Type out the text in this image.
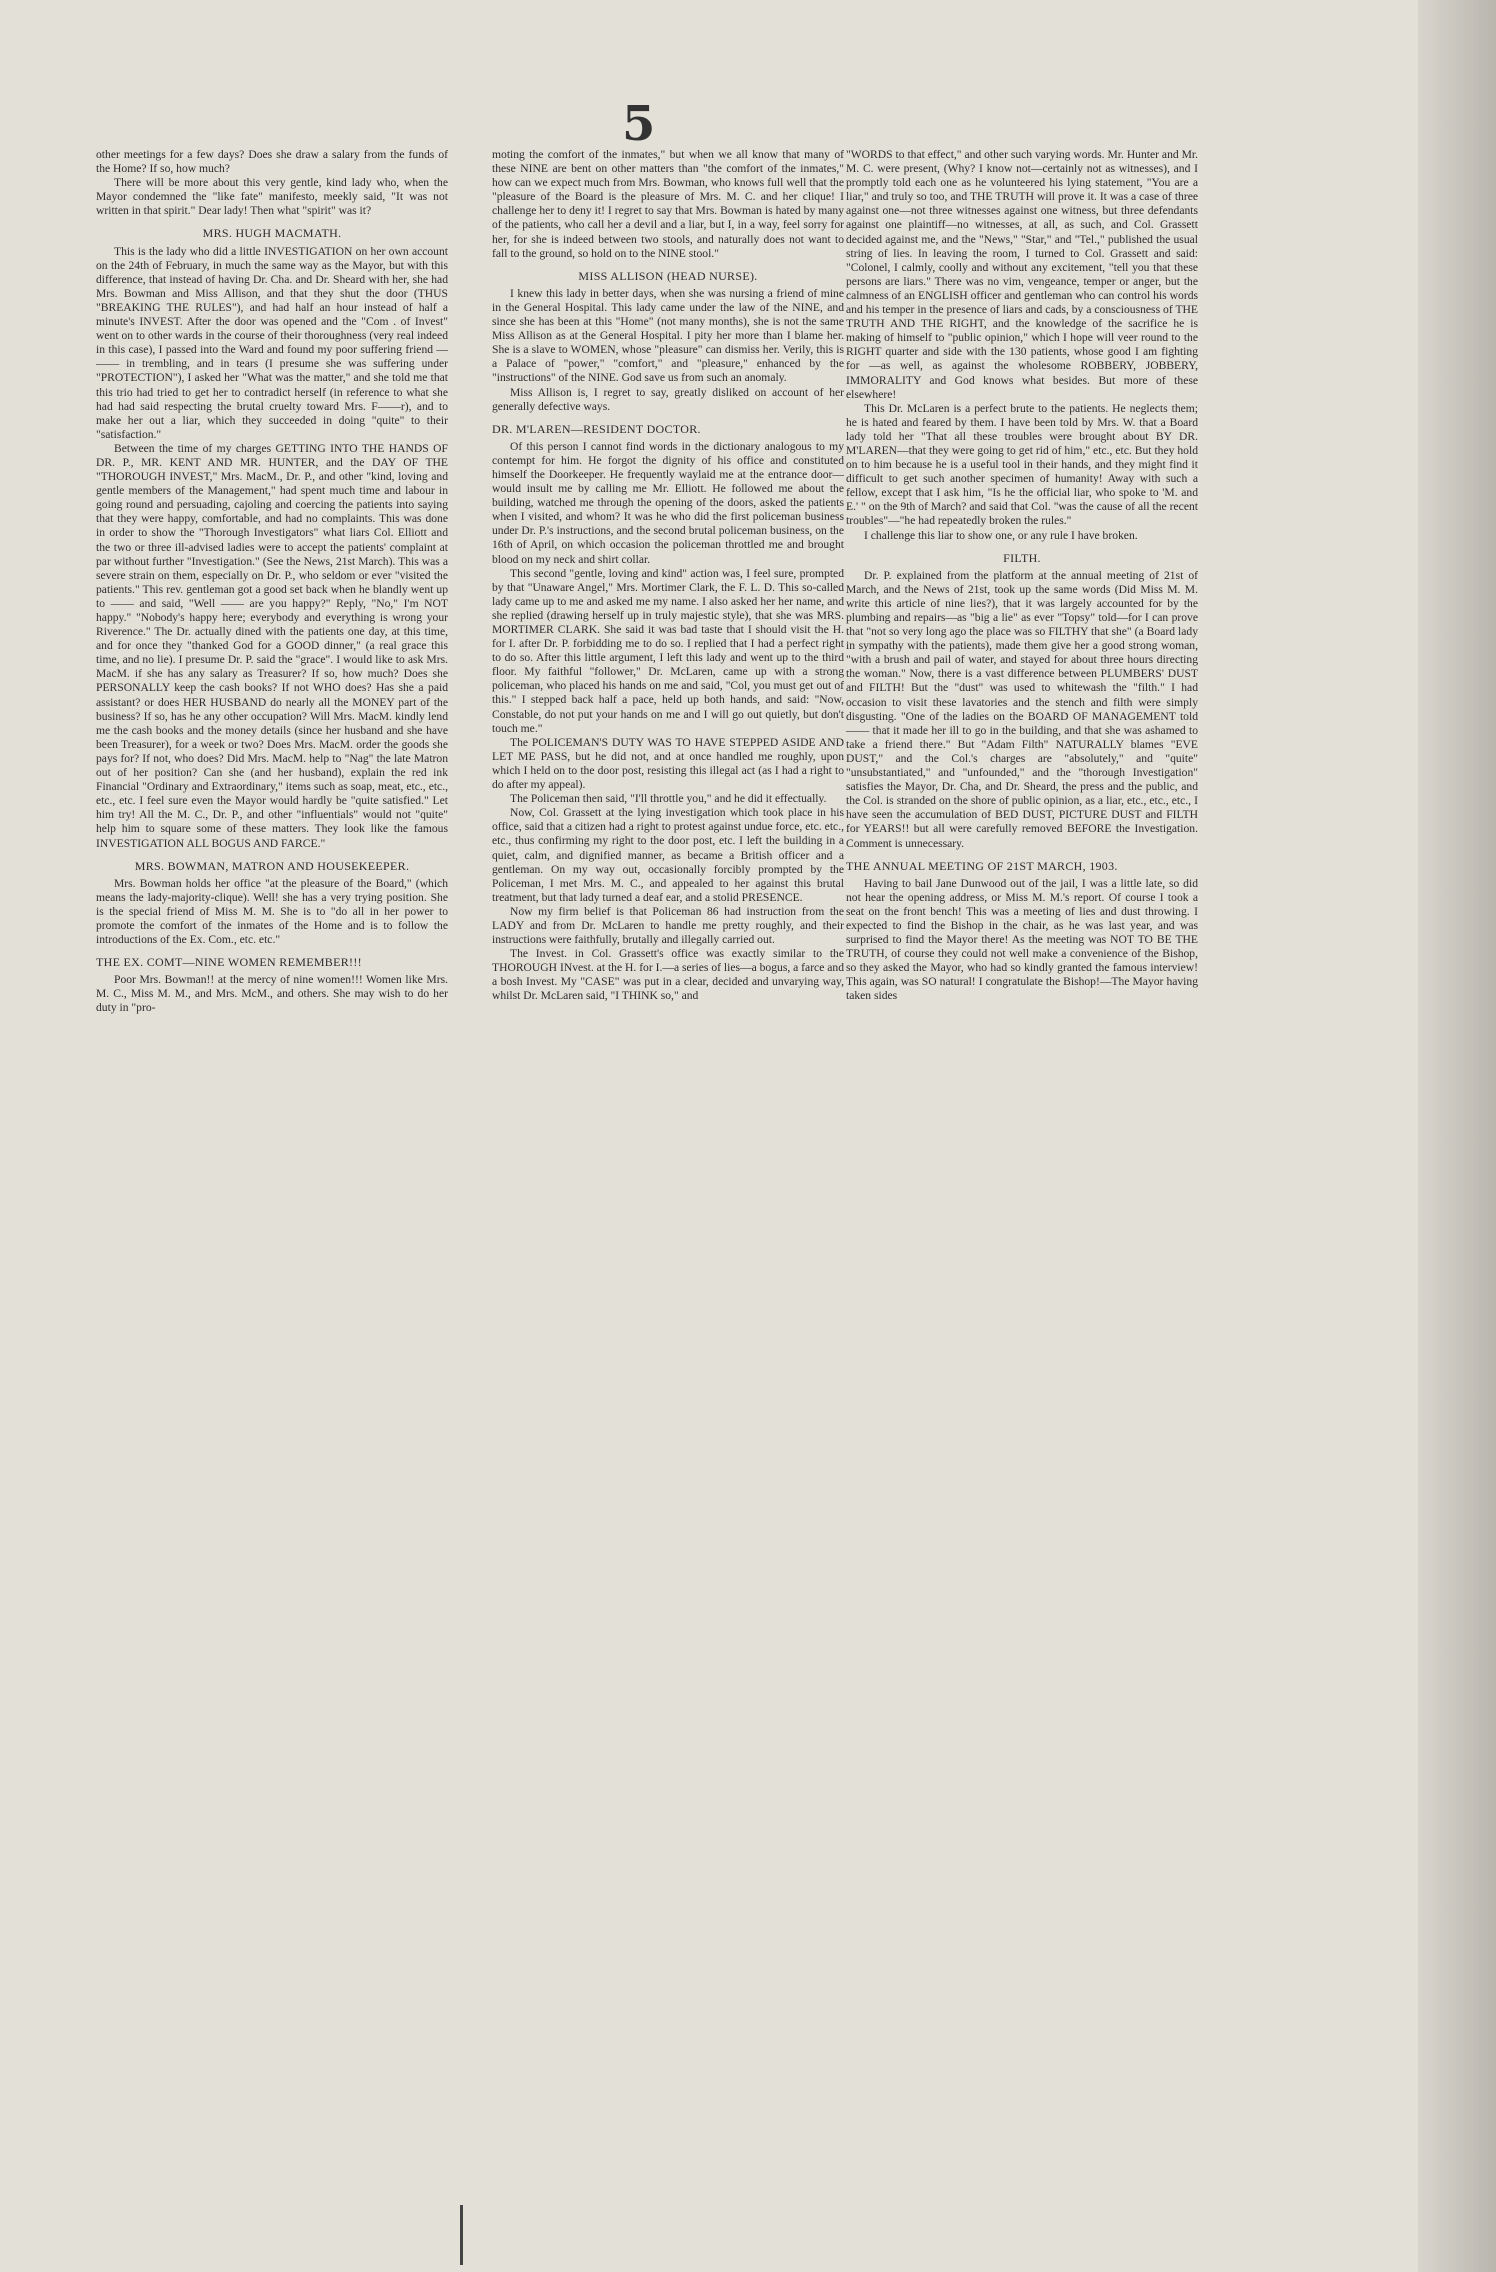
5

other meetings for a few days? Does she draw a salary from the funds of the Home? If so, how much?

There will be more about this very gentle, kind lady who, when the Mayor condemned the "like fate" manifesto, meekly said, "It was not written in that spirit." Dear lady! Then what "spirit" was it?

MRS. HUGH MACMATH.

This is the lady who did a little INVESTIGATION on her own account on the 24th of February, in much the same way as the Mayor, but with this difference, that instead of having Dr. Cha. and Dr. Sheard with her, she had Mrs. Bowman and Miss Allison, and that they shut the door (THUS "BREAKING THE RULES"), and had half an hour instead of half a minute's INVEST. After the door was opened and the "Com . of Invest" went on to other wards in the course of their thoroughness (very real indeed in this case), I passed into the Ward and found my poor suffering friend — —— in trembling, and in tears (I presume she was suffering under "PROTECTION"), I asked her "What was the matter," and she told me that this trio had tried to get her to contradict herself (in reference to what she had had said respecting the brutal cruelty toward Mrs. F——r), and to make her out a liar, which they succeeded in doing "quite" to their "satisfaction."

Between the time of my charges GETTING INTO THE HANDS OF DR. P., MR. KENT AND MR. HUNTER, and the DAY OF THE "THOROUGH INVEST," Mrs. MacM., Dr. P., and other "kind, loving and gentle members of the Management," had spent much time and labour in going round and persuading, cajoling and coercing the patients into saying that they were happy, comfortable, and had no complaints. This was done in order to show the "Thorough Investigators" what liars Col. Elliott and the two or three ill-advised ladies were to accept the patients' complaint at par without further "Investigation." (See the News, 21st March). This was a severe strain on them, especially on Dr. P., who seldom or ever "visited the patients." This rev. gentleman got a good set back when he blandly went up to —— and said, "Well —— are you happy?" Reply, "No," I'm NOT happy." "Nobody's happy here; everybody and everything is wrong your Riverence." The Dr. actually dined with the patients one day, at this time, and for once they "thanked God for a GOOD dinner," (a real grace this time, and no lie). I presume Dr. P. said the "grace". I would like to ask Mrs. MacM. if she has any salary as Treasurer? If so, how much? Does she PERSONALLY keep the cash books? If not WHO does? Has she a paid assistant? or does HER HUSBAND do nearly all the MONEY part of the business? If so, has he any other occupation? Will Mrs. MacM. kindly lend me the cash books and the money details (since her husband and she have been Treasurer), for a week or two? Does Mrs. MacM. order the goods she pays for? If not, who does? Did Mrs. MacM. help to "Nag" the late Matron out of her position? Can she (and her husband), explain the red ink Financial "Ordinary and Extraordinary," items such as soap, meat, etc., etc., etc., etc. I feel sure even the Mayor would hardly be "quite satisfied." Let him try! All the M. C., Dr. P., and other "influentials" would not "quite" help him to square some of these matters. They look like the famous INVESTIGATION ALL BOGUS AND FARCE."

MRS. BOWMAN, MATRON AND HOUSEKEEPER.

Mrs. Bowman holds her office "at the pleasure of the Board," (which means the lady-majority-clique). Well! she has a very trying position. She is the special friend of Miss M. M. She is to "do all in her power to promote the comfort of the inmates of the Home and is to follow the introductions of the Ex. Com., etc. etc."

THE EX. COMT—NINE WOMEN REMEMBER!!!

Poor Mrs. Bowman!! at the mercy of nine women!!! Women like Mrs. M. C., Miss M. M., and Mrs. McM., and others. She may wish to do her duty in "pro-

moting the comfort of the inmates," but when we all know that many of these NINE are bent on other matters than "the comfort of the inmates," how can we expect much from Mrs. Bowman, who knows full well that the "pleasure of the Board is the pleasure of Mrs. M. C. and her clique! I challenge her to deny it! I regret to say that Mrs. Bowman is hated by many of the patients, who call her a devil and a liar, but I, in a way, feel sorry for her, for she is indeed between two stools, and naturally does not want to fall to the ground, so hold on to the NINE stool."

MISS ALLISON (HEAD NURSE).

I knew this lady in better days, when she was nursing a friend of mine in the General Hospital. This lady came under the law of the NINE, and since she has been at this "Home" (not many months), she is not the same Miss Allison as at the General Hospital. I pity her more than I blame her. She is a slave to WOMEN, whose "pleasure" can dismiss her. Verily, this is a Palace of "power," "comfort," and "pleasure," enhanced by the "instructions" of the NINE. God save us from such an anomaly.

Miss Allison is, I regret to say, greatly disliked on account of her generally defective ways.

DR. M'LAREN—RESIDENT DOCTOR.

Of this person I cannot find words in the dictionary analogous to my contempt for him. He forgot the dignity of his office and constituted himself the Doorkeeper. He frequently waylaid me at the entrance door—would insult me by calling me Mr. Elliott. He followed me about the building, watched me through the opening of the doors, asked the patients when I visited, and whom? It was he who did the first policeman business under Dr. P.'s instructions, and the second brutal policeman business, on the 16th of April, on which occasion the policeman throttled me and brought blood on my neck and shirt collar.

This second "gentle, loving and kind" action was, I feel sure, prompted by that "Unaware Angel," Mrs. Mortimer Clark, the F. L. D. This so-called lady came up to me and asked me my name. I also asked her her name, and she replied (drawing herself up in truly majestic style), that she was MRS. MORTIMER CLARK. She said it was bad taste that I should visit the H. for I. after Dr. P. forbidding me to do so. I replied that I had a perfect right to do so. After this little argument, I left this lady and went up to the third floor. My faithful "follower," Dr. McLaren, came up with a strong policeman, who placed his hands on me and said, "Col, you must get out of this." I stepped back half a pace, held up both hands, and said: "Now, Constable, do not put your hands on me and I will go out quietly, but don't touch me."

The POLICEMAN'S DUTY WAS TO HAVE STEPPED ASIDE AND LET ME PASS, but he did not, and at once handled me roughly, upon which I held on to the door post, resisting this illegal act (as I had a right to do after my appeal).

The Policeman then said, "I'll throttle you," and he did it effectually.

Now, Col. Grassett at the lying investigation which took place in his office, said that a citizen had a right to protest against undue force, etc. etc., etc., thus confirming my right to the door post, etc. I left the building in a quiet, calm, and dignified manner, as became a British officer and a gentleman. On my way out, occasionally forcibly prompted by the Policeman, I met Mrs. M. C., and appealed to her against this brutal treatment, but that lady turned a deaf ear, and a stolid PRESENCE.

Now my firm belief is that Policeman 86 had instruction from the LADY and from Dr. McLaren to handle me pretty roughly, and their instructions were faithfully, brutally and illegally carried out.

The Invest. in Col. Grassett's office was exactly similar to the THOROUGH INvest. at the H. for I.—a series of lies—a bogus, a farce and a bosh Invest. My "CASE" was put in a clear, decided and unvarying way, whilst Dr. McLaren said, "I THINK so," and

"WORDS to that effect," and other such varying words. Mr. Hunter and Mr. M. C. were present, (Why? I know not—certainly not as witnesses), and I promptly told each one as he volunteered his lying statement, "You are a liar," and truly so too, and THE TRUTH will prove it. It was a case of three against one—not three witnesses against one witness, but three defendants against one plaintiff—no witnesses, at all, as such, and Col. Grassett decided against me, and the "News," "Star," and "Tel.," published the usual string of lies. In leaving the room, I turned to Col. Grassett and said: "Colonel, I calmly, coolly and without any excitement, "tell you that these persons are liars." There was no vim, vengeance, temper or anger, but the calmness of an ENGLISH officer and gentleman who can control his words and his temper in the presence of liars and cads, by a consciousness of THE TRUTH AND THE RIGHT, and the knowledge of the sacrifice he is making of himself to "public opinion," which I hope will veer round to the RIGHT quarter and side with the 130 patients, whose good I am fighting for —as well, as against the wholesome ROBBERY, JOBBERY, IMMORALITY and God knows what besides. But more of these elsewhere!

This Dr. McLaren is a perfect brute to the patients. He neglects them; he is hated and feared by them. I have been told by Mrs. W. that a Board lady told her "That all these troubles were brought about BY DR. M'LAREN—that they were going to get rid of him," etc., etc. But they hold on to him because he is a useful tool in their hands, and they might find it difficult to get such another specimen of humanity! Away with such a fellow, except that I ask him, "Is he the official liar, who spoke to 'M. and E.' " on the 9th of March? and said that Col. "was the cause of all the recent troubles"—"he had repeatedly broken the rules."

I challenge this liar to show one, or any rule I have broken.

FILTH.

Dr. P. explained from the platform at the annual meeting of 21st of March, and the News of 21st, took up the same words (Did Miss M. M. write this article of nine lies?), that it was largely accounted for by the plumbing and repairs—as "big a lie" as ever "Topsy" told—for I can prove that "not so very long ago the place was so FILTHY that she" (a Board lady in sympathy with the patients), made them give her a good strong woman, "with a brush and pail of water, and stayed for about three hours directing the woman." Now, there is a vast difference between PLUMBERS' DUST and FILTH! But the "dust" was used to whitewash the "filth." I had occasion to visit these lavatories and the stench and filth were simply disgusting. "One of the ladies on the BOARD OF MANAGEMENT told —— that it made her ill to go in the building, and that she was ashamed to take a friend there." But "Adam Filth" NATURALLY blames "EVE DUST," and the Col.'s charges are "absolutely," and "quite" "unsubstantiated," and "unfounded," and the "thorough Investigation" satisfies the Mayor, Dr. Cha, and Dr. Sheard, the press and the public, and the Col. is stranded on the shore of public opinion, as a liar, etc., etc., etc., I have seen the accumulation of BED DUST, PICTURE DUST and FILTH for YEARS!! but all were carefully removed BEFORE the Investigation. Comment is unnecessary.

THE ANNUAL MEETING OF 21ST MARCH, 1903.

Having to bail Jane Dunwood out of the jail, I was a little late, so did not hear the opening address, or Miss M. M.'s report. Of course I took a seat on the front bench! This was a meeting of lies and dust throwing. I expected to find the Bishop in the chair, as he was last year, and was surprised to find the Mayor there! As the meeting was NOT TO BE THE TRUTH, of course they could not well make a convenience of the Bishop, so they asked the Mayor, who had so kindly granted the famous interview! This again, was SO natural! I congratulate the Bishop!—The Mayor having taken sides
